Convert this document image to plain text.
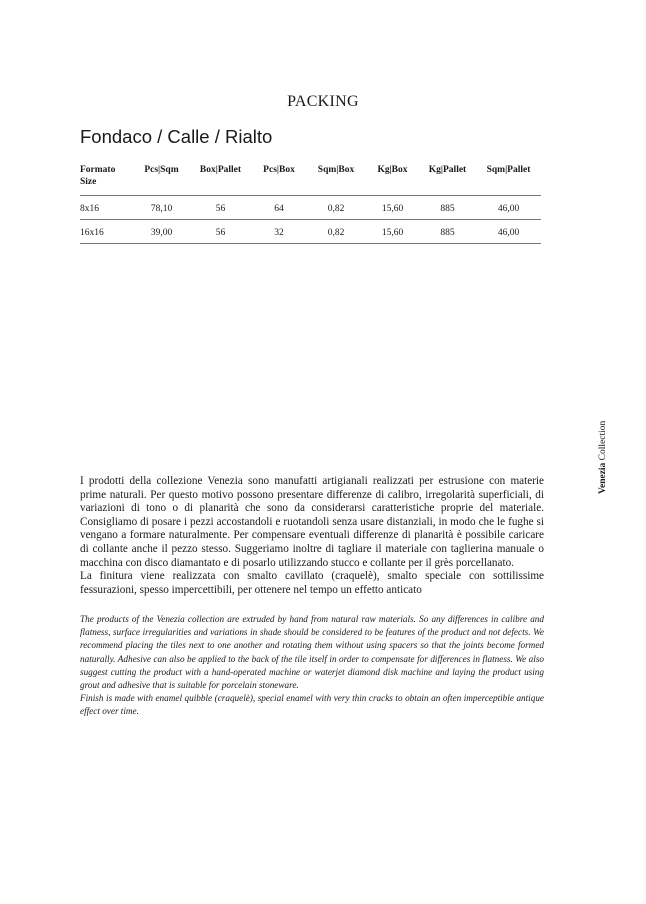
PACKING
Fondaco / Calle / Rialto
Formato Size	Pcs|Sqm	Box|Pallet	Pcs|Box	Sqm|Box	Kg|Box	Kg|Pallet	Sqm|Pallet
8x16	78,10	56	64	0,82	15,60	885	46,00
16x16	39,00	56	32	0,82	15,60	885	46,00
Venezia Collection

I prodotti della collezione Venezia sono manufatti artigianali realizzati per estrusione con materie prime naturali. Per questo motivo possono presentare differenze di calibro, irregolarità superficiali, di variazioni di tono o di planarità che sono da considerarsi caratteristiche proprie del materiale. Consigliamo di posare i pezzi accostandoli e ruotandoli senza usare distanziali, in modo che le fughe si vengano a formare naturalmente. Per compensare eventuali differenze di planarità è possibile caricare di collante anche il pezzo stesso. Suggeriamo inoltre di tagliare il materiale con taglierina manuale o macchina con disco diamantato e di posarlo utilizzando stucco e collante per il grès porcellanato.

La finitura viene realizzata con smalto cavillato (craquelè), smalto speciale con sottilissime fessurazioni, spesso impercettibili, per ottenere nel tempo un effetto anticato

The products of the Venezia collection are extruded by hand from natural raw materials. So any differences in calibre and flatness, surface irregularities and variations in shade should be considered to be features of the product and not defects. We recommend placing the tiles next to one another and rotating them without using spacers so that the joints become formed naturally. Adhesive can also be applied to the back of the tile itself in order to compensate for differences in flatness. We also suggest cutting the product with a hand-operated machine or waterjet diamond disk machine and laying the product using grout and adhesive that is suitable for porcelain stoneware.

Finish is made with enamel quibble (craquelè), special enamel with very thin cracks to obtain an often imperceptible antique effect over time.
